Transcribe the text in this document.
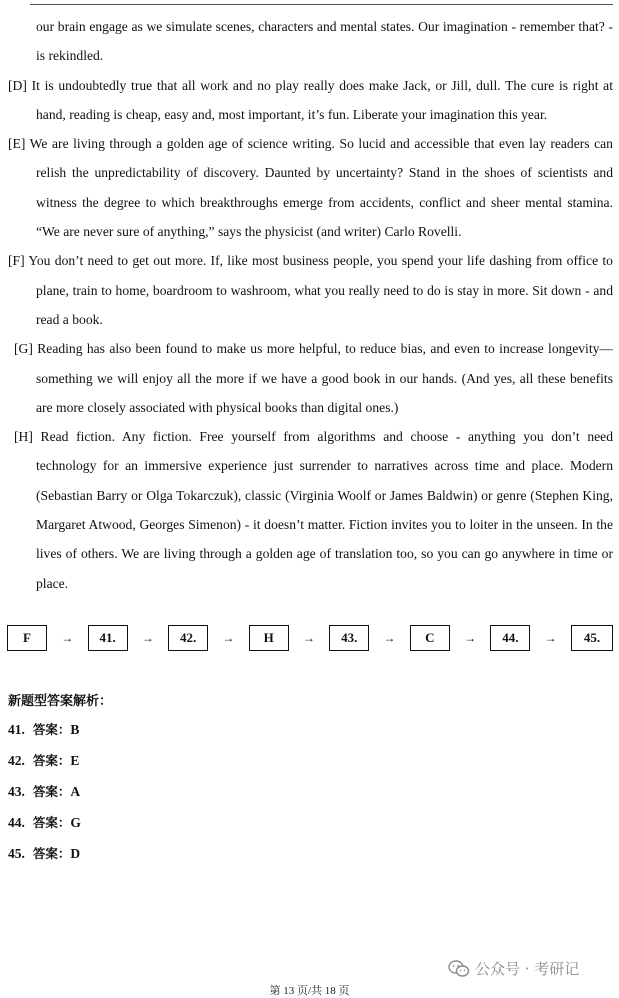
our brain engage as we simulate scenes, characters and mental states. Our imagination - remember that? - is rekindled.

[D] It is undoubtedly true that all work and no play really does make Jack, or Jill, dull. The cure is right at hand, reading is cheap, easy and, most important, it’s fun. Liberate your imagination this year.

[E] We are living through a golden age of science writing. So lucid and accessible that even lay readers can relish the unpredictability of discovery. Daunted by uncertainty? Stand in the shoes of scientists and witness the degree to which breakthroughs emerge from accidents, conflict and sheer mental stamina. “We are never sure of anything,” says the physicist (and writer) Carlo Rovelli.

[F] You don’t need to get out more. If, like most business people, you spend your life dashing from office to plane, train to home, boardroom to washroom, what you really need to do is stay in more. Sit down - and read a book.

[G] Reading has also been found to make us more helpful, to reduce bias, and even to increase longevity—something we will enjoy all the more if we have a good book in our hands. (And yes, all these benefits are more closely associated with physical books than digital ones.)

[H] Read fiction. Any fiction. Free yourself from algorithms and choose - anything you don’t need technology for an immersive experience just surrender to narratives across time and place. Modern (Sebastian Barry or Olga Tokarczuk), classic (Virginia Woolf or James Baldwin) or genre (Stephen King, Margaret Atwood, Georges Simenon) - it doesn’t matter. Fiction invites you to loiter in the unseen. In the lives of others. We are living through a golden age of translation too, so you can go anywhere in time or place.

F	→	41.	→	42.	→	H	→	43.	→	C	→	44.	→	45.
新题型答案解析：
41. 答案：B
42. 答案：E
43. 答案：A
44. 答案：G
45. 答案：D
公众号 · 考研记
第 13 页/共 18 页
